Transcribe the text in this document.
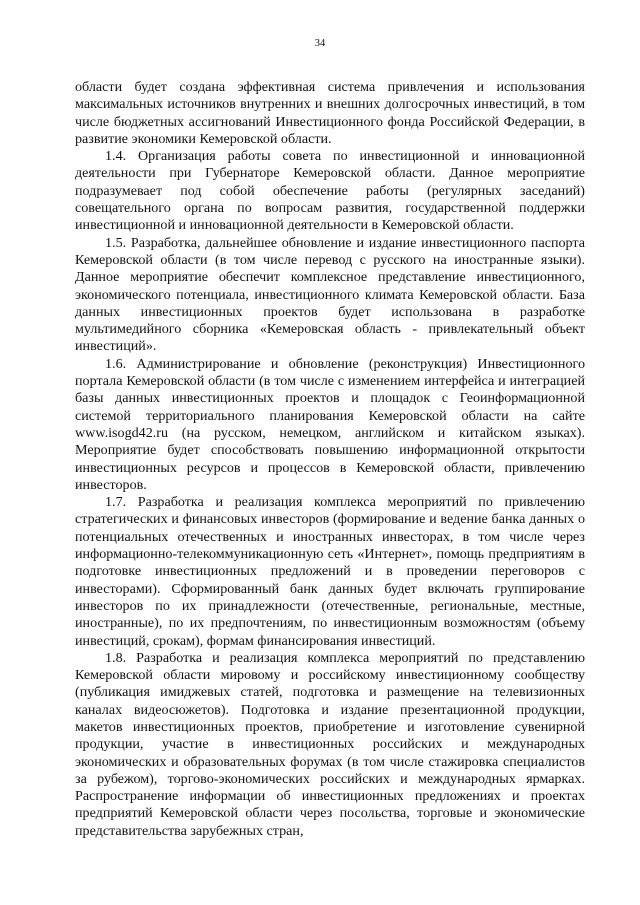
34

области будет создана эффективная система привлечения и использования максимальных источников внутренних и внешних долгосрочных инвестиций, в том числе бюджетных ассигнований Инвестиционного фонда Российской Федерации, в развитие экономики Кемеровской области.

1.4. Организация работы совета по инвестиционной и инновационной деятельности при Губернаторе Кемеровской области. Данное мероприятие подразумевает под собой обеспечение работы (регулярных заседаний) совещательного органа по вопросам развития, государственной поддержки инвестиционной и инновационной деятельности в Кемеровской области.

1.5. Разработка, дальнейшее обновление и издание инвестиционного паспорта Кемеровской области (в том числе перевод с русского на иностранные языки). Данное мероприятие обеспечит комплексное представление инвестиционного, экономического потенциала, инвестиционного климата Кемеровской области. База данных инвестиционных проектов будет использована в разработке мультимедийного сборника «Кемеровская область - привлекательный объект инвестиций».

1.6. Администрирование и обновление (реконструкция) Инвестиционного портала Кемеровской области (в том числе с изменением интерфейса и интеграцией базы данных инвестиционных проектов и площадок с Геоинформационной системой территориального планирования Кемеровской области на сайте www.isogd42.ru (на русском, немецком, английском и китайском языках). Мероприятие будет способствовать повышению информационной открытости инвестиционных ресурсов и процессов в Кемеровской области, привлечению инвесторов.

1.7. Разработка и реализация комплекса мероприятий по привлечению стратегических и финансовых инвесторов (формирование и ведение банка данных о потенциальных отечественных и иностранных инвесторах, в том числе через информационно-телекоммуникационную сеть «Интернет», помощь предприятиям в подготовке инвестиционных предложений и в проведении переговоров с инвесторами). Сформированный банк данных будет включать группирование инвесторов по их принадлежности (отечественные, региональные, местные, иностранные), по их предпочтениям, по инвестиционным возможностям (объему инвестиций, срокам), формам финансирования инвестиций.

1.8. Разработка и реализация комплекса мероприятий по представлению Кемеровской области мировому и российскому инвестиционному сообществу (публикация имиджевых статей, подготовка и размещение на телевизионных каналах видеосюжетов). Подготовка и издание презентационной продукции, макетов инвестиционных проектов, приобретение и изготовление сувенирной продукции, участие в инвестиционных российских и международных экономических и образовательных форумах (в том числе стажировка специалистов за рубежом), торгово-экономических российских и международных ярмарках. Распространение информации об инвестиционных предложениях и проектах предприятий Кемеровской области через посольства, торговые и экономические представительства зарубежных стран,
